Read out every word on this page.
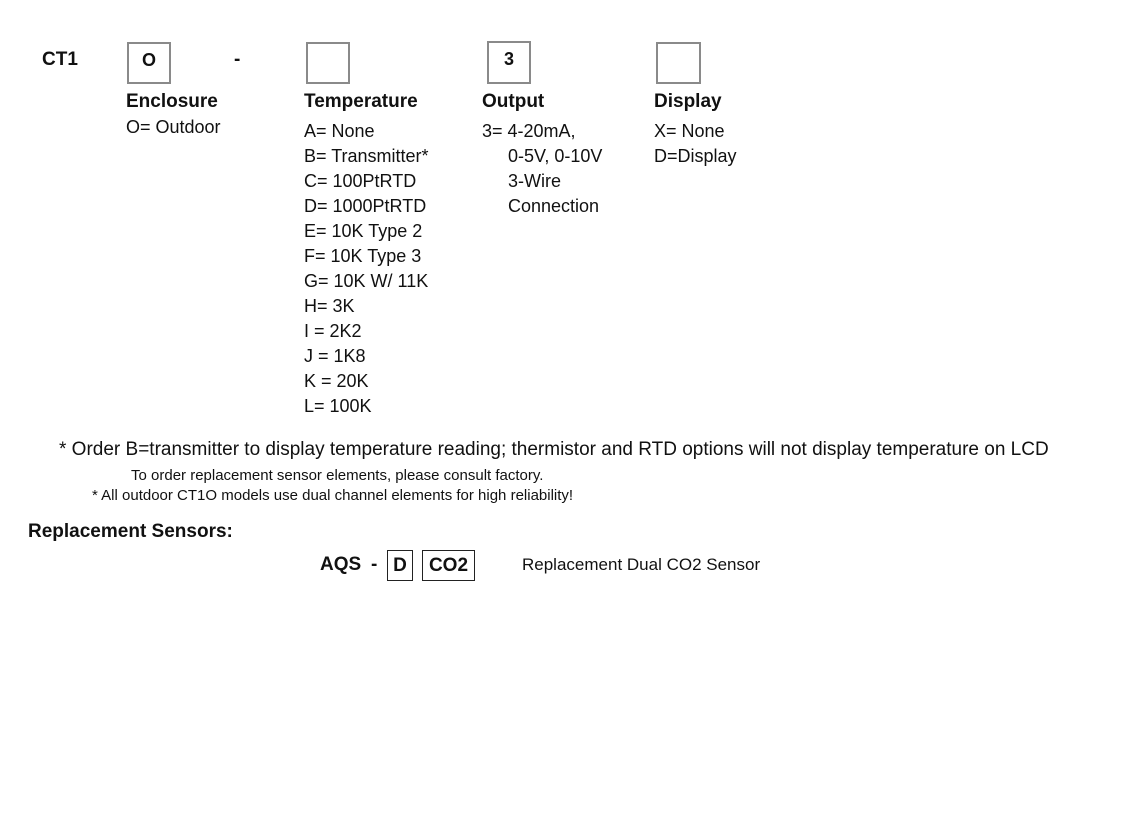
CT1	O	-	3
Enclosure
O= Outdoor
Temperature
A= None
B= Transmitter*
C= 100PtRTD
D= 1000PtRTD
E= 10K Type 2
F= 10K Type 3
G= 10K W/ 11K
H= 3K
I = 2K2
J = 1K8
K = 20K
L= 100K
Output
3= 4-20mA,
0-5V, 0-10V
3-Wire
Connection
Display
X= None
D=Display
* Order B=transmitter to display temperature reading; thermistor and RTD options will not display temperature on LCD
To order replacement sensor elements, please consult factory.
* All outdoor CT1O models use dual channel elements for high reliability!
Replacement Sensors:
AQS - D	CO2	Replacement Dual CO2 Sensor
